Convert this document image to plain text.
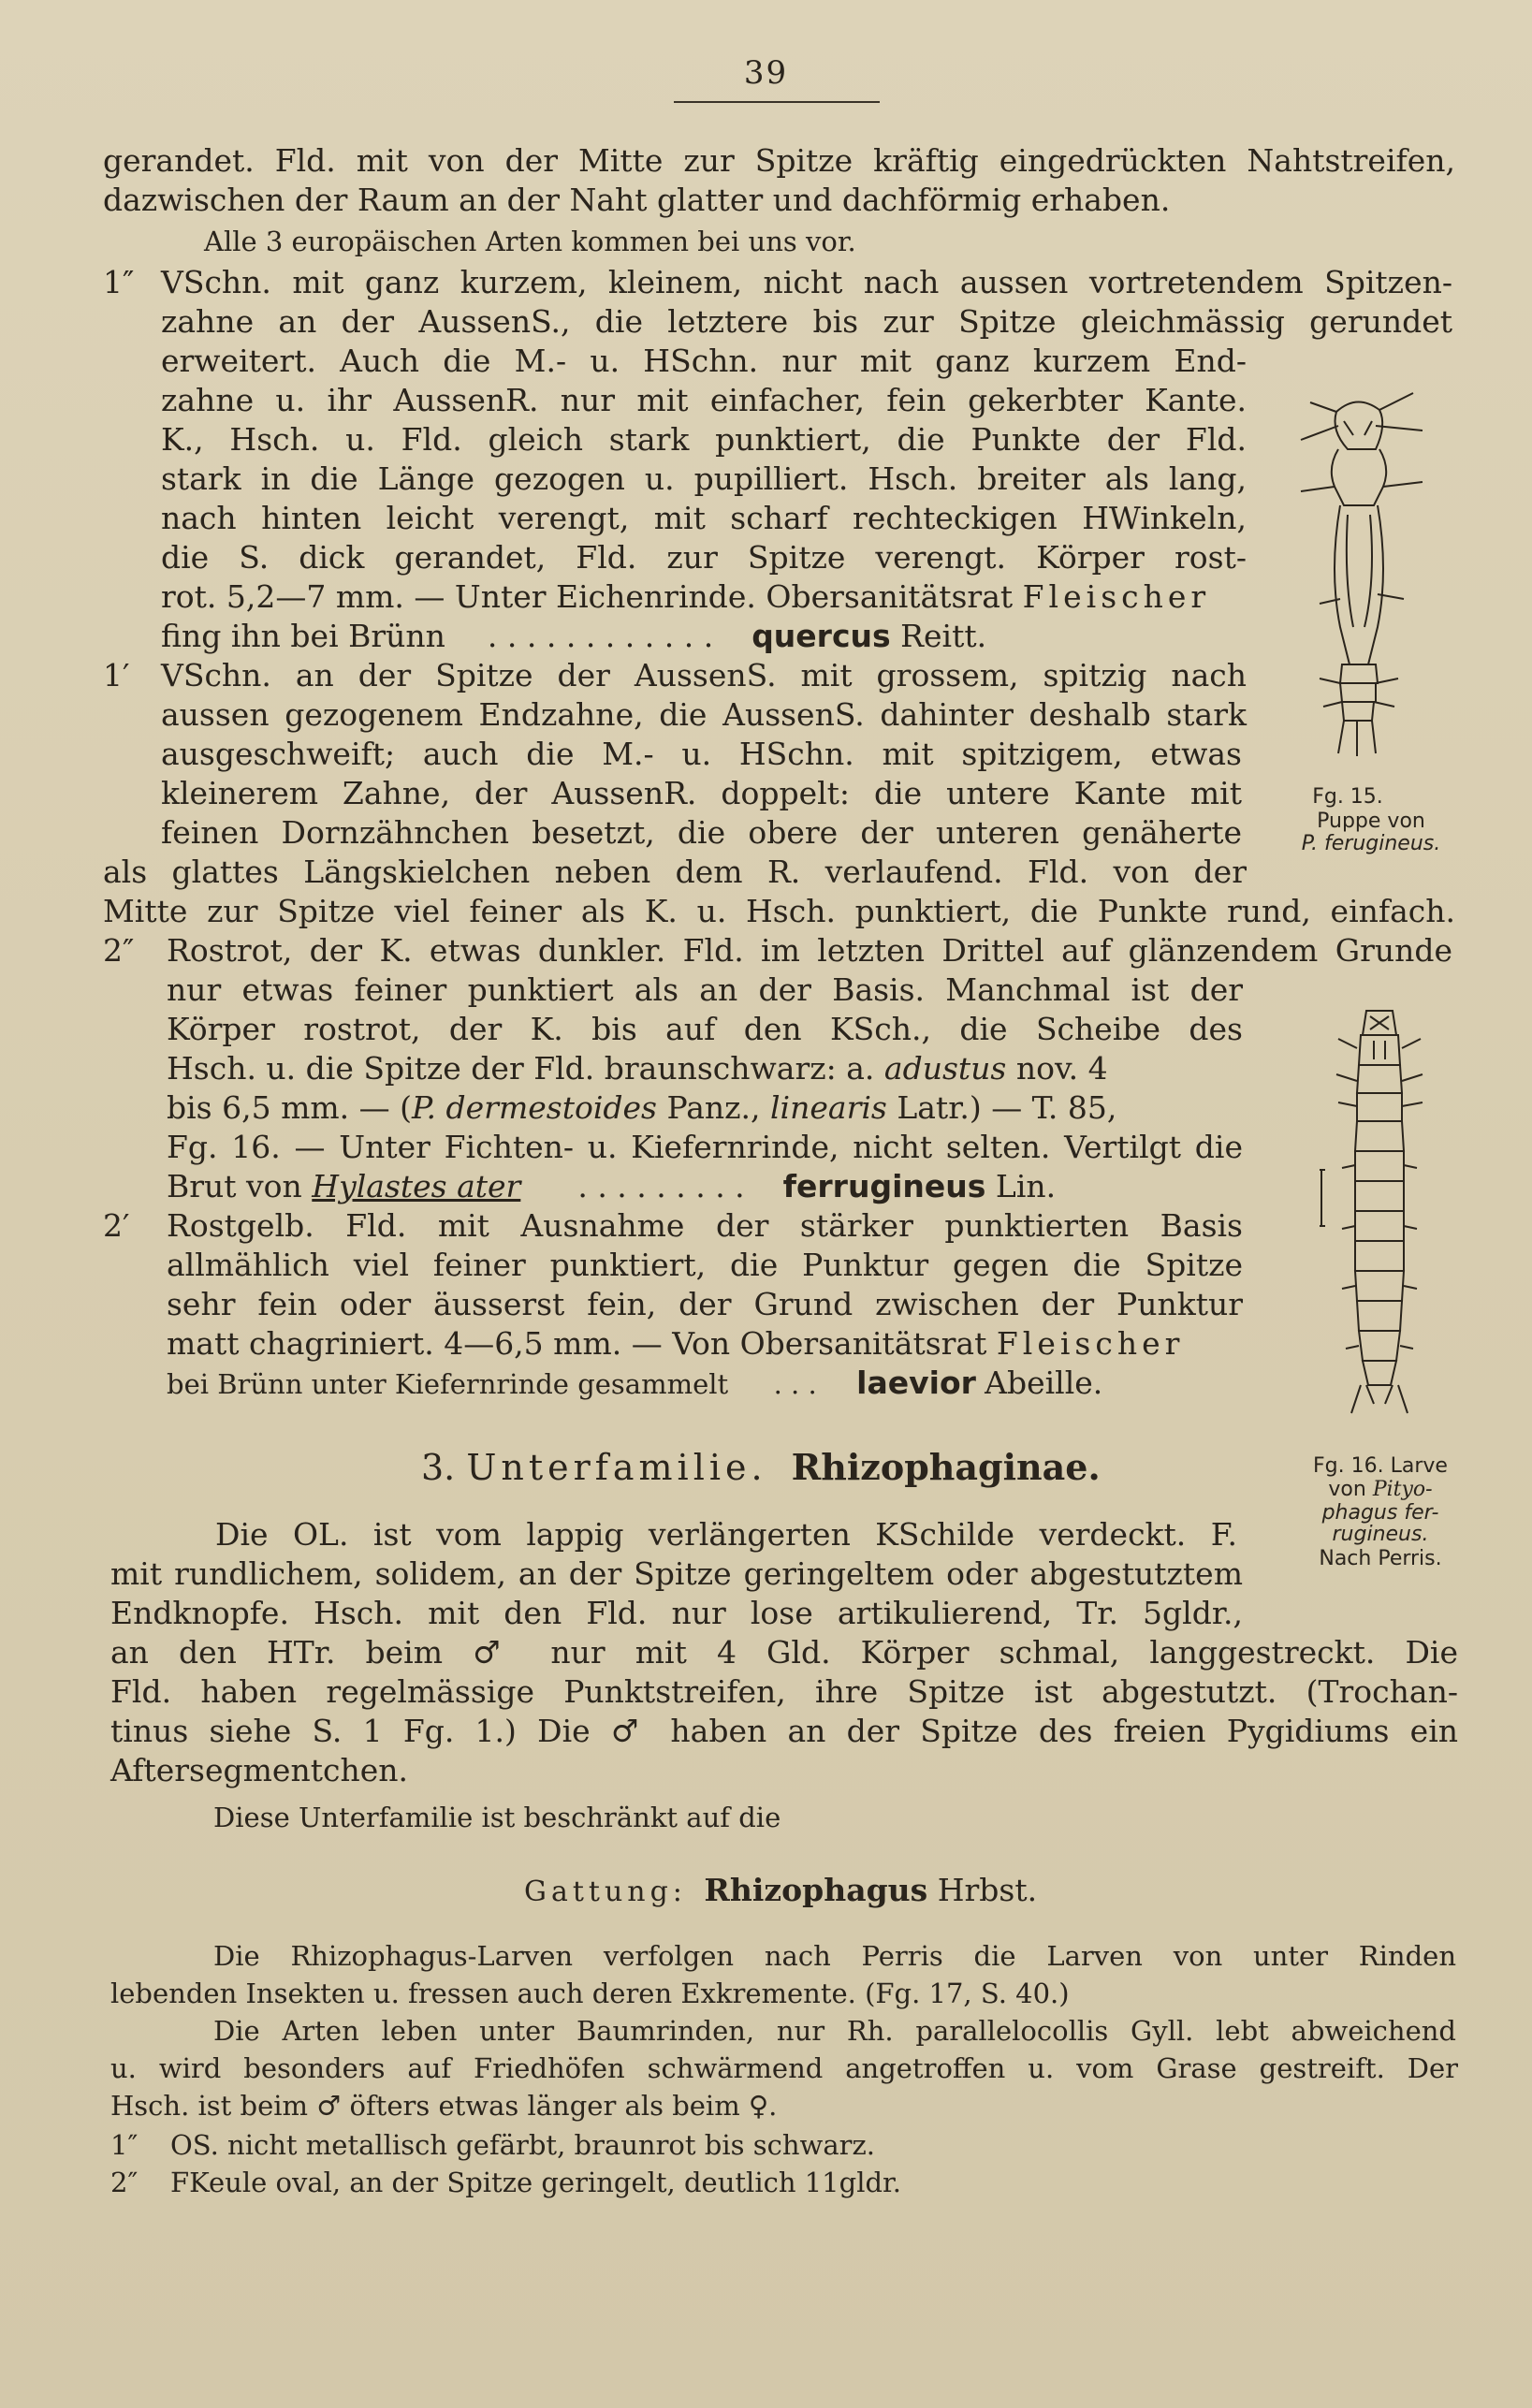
39
gerandet. Fld. mit von der Mitte zur Spitze kräftig eingedrückten Nahtstreifen,
dazwischen der Raum an der Naht glatter und dachförmig erhaben.
Alle 3 europäischen Arten kommen bei uns vor.
1″ VSchn. mit ganz kurzem, kleinem, nicht nach aussen vortretendem Spitzen-
zahne an der AussenS., die letztere bis zur Spitze gleichmässig gerundet
erweitert. Auch die M.- u. HSchn. nur mit ganz kurzem End-
zahne u. ihr AussenR. nur mit einfacher, fein gekerbter Kante.
K., Hsch. u. Fld. gleich stark punktiert, die Punkte der Fld.
stark in die Länge gezogen u. pupilliert. Hsch. breiter als lang,
nach hinten leicht verengt, mit scharf rechteckigen HWinkeln,
die S. dick gerandet, Fld. zur Spitze verengt. Körper rost-
rot. 5,2—7 mm. — Unter Eichenrinde. Obersanitätsrat Fleischer
fing ihn bei Brünn . . . . . . . . . . . . quercus Reitt.
1′ VSchn. an der Spitze der AussenS. mit grossem, spitzig nach
aussen gezogenem Endzahne, die AussenS. dahinter deshalb stark
ausgeschweift; auch die M.- u. HSchn. mit spitzigem, etwas
kleinerem Zahne, der AussenR. doppelt: die untere Kante mit
feinen Dornzähnchen besetzt, die obere der unteren genäherte
als glattes Längskielchen neben dem R. verlaufend. Fld. von der
Mitte zur Spitze viel feiner als K. u. Hsch. punktiert, die Punkte rund, einfach.
2″ Rostrot, der K. etwas dunkler. Fld. im letzten Drittel auf glänzendem Grunde
nur etwas feiner punktiert als an der Basis. Manchmal ist der
Körper rostrot, der K. bis auf den KSch., die Scheibe des
Hsch. u. die Spitze der Fld. braunschwarz: a. adustus nov. 4
bis 6,5 mm. — (P. dermestoides Panz., linearis Latr.) — T. 85,
Fg. 16. — Unter Fichten- u. Kiefernrinde, nicht selten. Vertilgt die
Brut von Hylastes ater . . . . . . . . . ferrugineus Lin.
2′ Rostgelb. Fld. mit Ausnahme der stärker punktierten Basis
allmählich viel feiner punktiert, die Punktur gegen die Spitze
sehr fein oder äusserst fein, der Grund zwischen der Punktur
matt chagriniert. 4—6,5 mm. — Von Obersanitätsrat Fleischer
bei Brünn unter Kiefernrinde gesammelt . . . laevior Abeille.
3. Unterfamilie. Rhizophaginae.
Die OL. ist vom lappig verlängerten KSchilde verdeckt. F.
mit rundlichem, solidem, an der Spitze geringeltem oder abgestutztem
Endknopfe. Hsch. mit den Fld. nur lose artikulierend, Tr. 5gldr.,
an den HTr. beim ♂ nur mit 4 Gld. Körper schmal, langgestreckt. Die
Fld. haben regelmässige Punktstreifen, ihre Spitze ist abgestutzt. (Trochan-
tinus siehe S. 1 Fg. 1.) Die ♂ haben an der Spitze des freien Pygidiums ein
Aftersegmentchen.
Diese Unterfamilie ist beschränkt auf die
Gattung: Rhizophagus Hrbst.
Die Rhizophagus-Larven verfolgen nach Perris die Larven von unter Rinden
lebenden Insekten u. fressen auch deren Exkremente. (Fg. 17, S. 40.)
Die Arten leben unter Baumrinden, nur Rh. parallelocollis Gyll. lebt abweichend
u. wird besonders auf Friedhöfen schwärmend angetroffen u. vom Grase gestreift. Der
Hsch. ist beim ♂ öfters etwas länger als beim ♀.
1″ OS. nicht metallisch gefärbt, braunrot bis schwarz.
2″ FKeule oval, an der Spitze geringelt, deutlich 11gldr.
Fg. 15.
Puppe von
P. ferugineus.
Fg. 16. Larve
von Pityo-
phagus fer-
rugineus.
Nach Perris.
